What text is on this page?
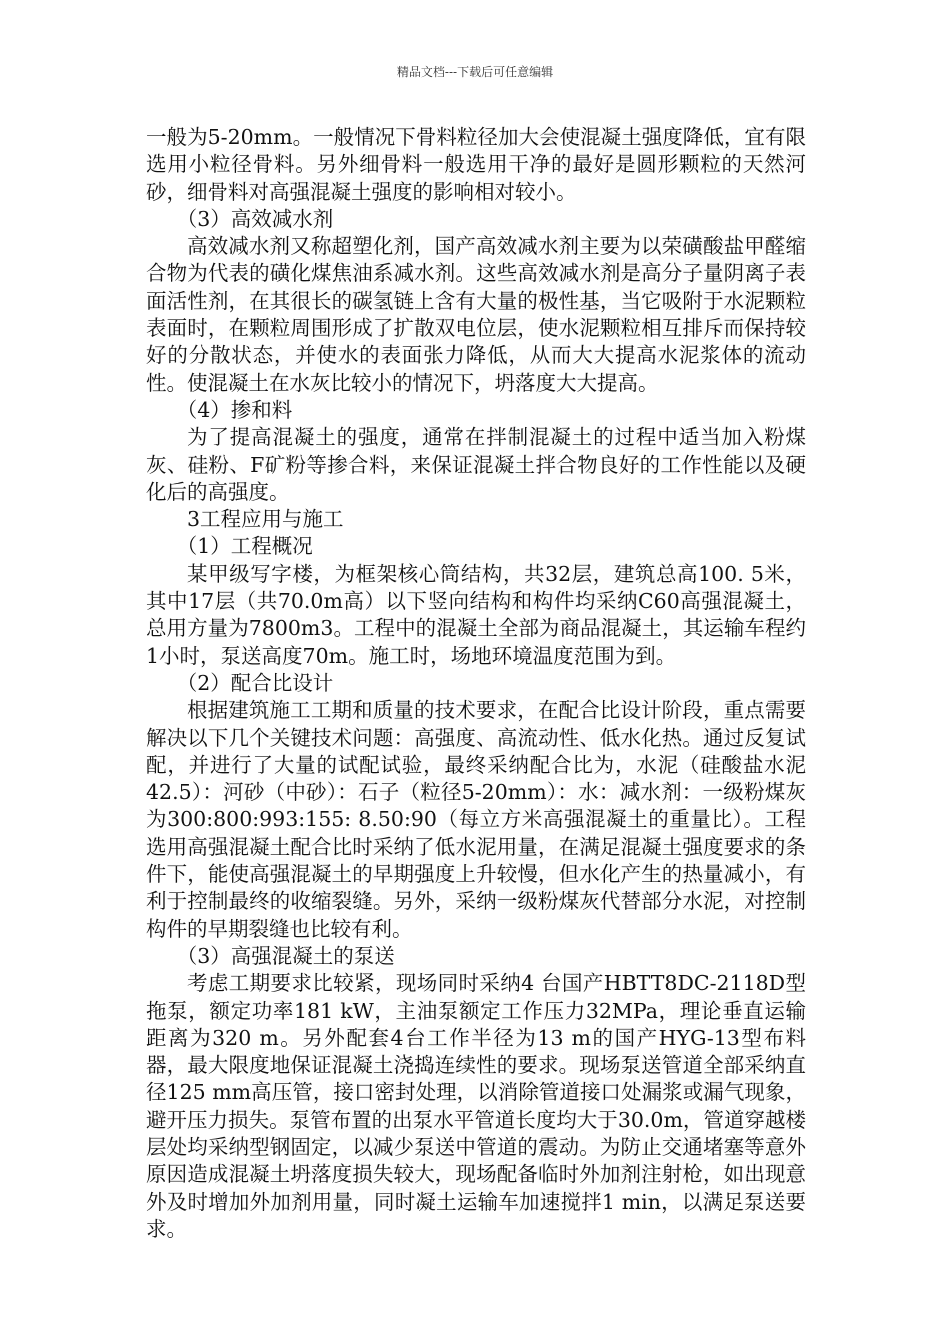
精品文档---下载后可任意编辑

一般为5-20mm。一般情况下骨料粒径加大会使混凝土强度降低，宜有限选用小粒径骨料。另外细骨料一般选用干净的最好是圆形颗粒的天然河砂，细骨料对高强混凝土强度的影响相对较小。

（3）高效减水剂

高效减水剂又称超塑化剂，国产高效减水剂主要为以荣磺酸盐甲醛缩合物为代表的磺化煤焦油系减水剂。这些高效减水剂是高分子量阴离子表面活性剂，在其很长的碳氢链上含有大量的极性基，当它吸附于水泥颗粒表面时，在颗粒周围形成了扩散双电位层，使水泥颗粒相互排斥而保持较好的分散状态，并使水的表面张力降低，从而大大提高水泥浆体的流动性。使混凝土在水灰比较小的情况下，坍落度大大提高。

（4）掺和料

为了提高混凝土的强度，通常在拌制混凝土的过程中适当加入粉煤灰、硅粉、F矿粉等掺合料，来保证混凝土拌合物良好的工作性能以及硬化后的高强度。

3工程应用与施工

（1）工程概况

某甲级写字楼，为框架核心筒结构，共32层，建筑总高100. 5米，其中17层（共70.0m高）以下竖向结构和构件均采纳C60高强混凝土，总用方量为7800m3。工程中的混凝土全部为商品混凝土，其运输车程约1小时，泵送高度70m。施工时，场地环境温度范围为到。

（2）配合比设计

根据建筑施工工期和质量的技术要求，在配合比设计阶段，重点需要解决以下几个关键技术问题：高强度、高流动性、低水化热。通过反复试配，并进行了大量的试配试验，最终采纳配合比为，水泥（硅酸盐水泥42.5）：河砂（中砂）：石子（粒径5-20mm）：水：减水剂：一级粉煤灰为300:800:993:155: 8.50:90（每立方米高强混凝土的重量比）。工程选用高强混凝土配合比时采纳了低水泥用量，在满足混凝土强度要求的条件下，能使高强混凝土的早期强度上升较慢，但水化产生的热量减小，有利于控制最终的收缩裂缝。另外，采纳一级粉煤灰代替部分水泥，对控制构件的早期裂缝也比较有利。

（3）高强混凝土的泵送

考虑工期要求比较紧，现场同时采纳4 台国产HBTT8DC-2118D型拖泵，额定功率181 kW，主油泵额定工作压力32MPa，理论垂直运输距离为320 m。另外配套4台工作半径为13 m的国产HYG-13型布料器，最大限度地保证混凝土浇捣连续性的要求。现场泵送管道全部采纳直径125 mm高压管，接口密封处理，以消除管道接口处漏浆或漏气现象，避开压力损失。泵管布置的出泵水平管道长度均大于30.0m，管道穿越楼层处均采纳型钢固定，以减少泵送中管道的震动。为防止交通堵塞等意外原因造成混凝土坍落度损失较大，现场配备临时外加剂注射枪，如出现意外及时增加外加剂用量，同时凝土运输车加速搅拌1 min，以满足泵送要求。
